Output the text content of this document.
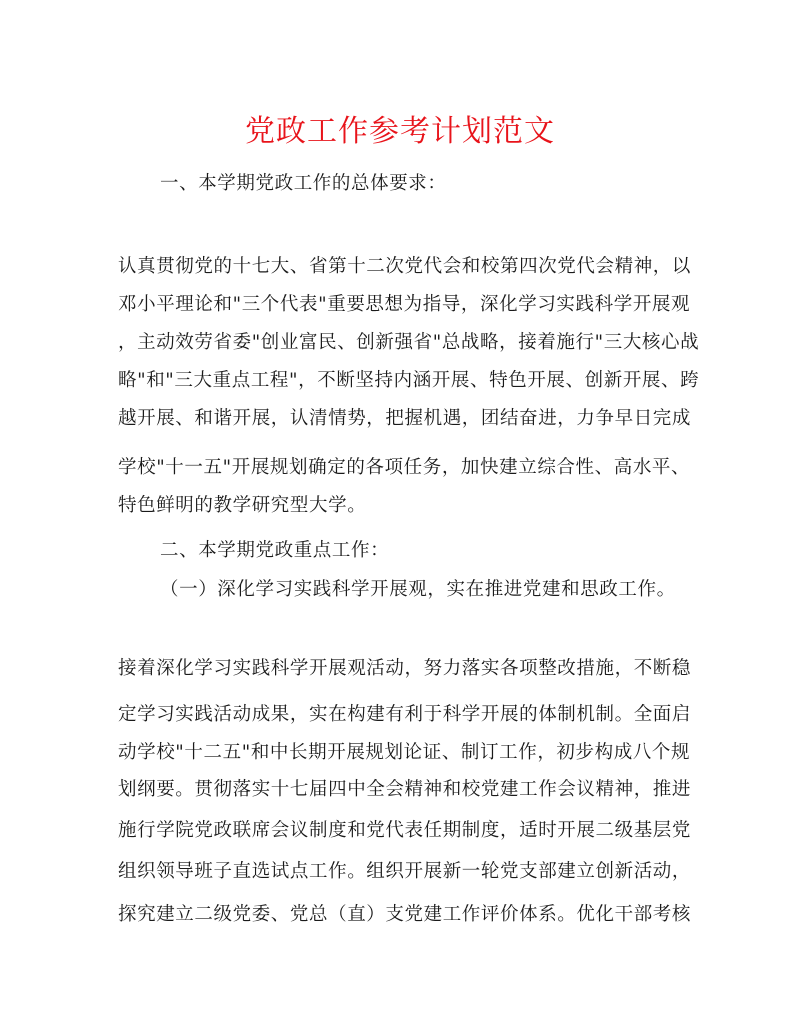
党政工作参考计划范文
一、本学期党政工作的总体要求：
认真贯彻党的十七大、省第十二次党代会和校第四次党代会精神，以
邓小平理论和"三个代表"重要思想为指导，深化学习实践科学开展观
，主动效劳省委"创业富民、创新强省"总战略，接着施行"三大核心战
略"和"三大重点工程"，不断坚持内涵开展、特色开展、创新开展、跨
越开展、和谐开展，认清情势，把握机遇，团结奋进，力争早日完成
学校"十一五"开展规划确定的各项任务，加快建立综合性、高水平、
特色鲜明的教学研究型大学。
二、本学期党政重点工作：
（一）深化学习实践科学开展观，实在推进党建和思政工作。
接着深化学习实践科学开展观活动，努力落实各项整改措施，不断稳
定学习实践活动成果，实在构建有利于科学开展的体制机制。全面启
动学校"十二五"和中长期开展规划论证、制订工作，初步构成八个规
划纲要。贯彻落实十七届四中全会精神和校党建工作会议精神，推进
施行学院党政联席会议制度和党代表任期制度，适时开展二级基层党
组织领导班子直选试点工作。组织开展新一轮党支部建立创新活动，
探究建立二级党委、党总（直）支党建工作评价体系。优化干部考核
